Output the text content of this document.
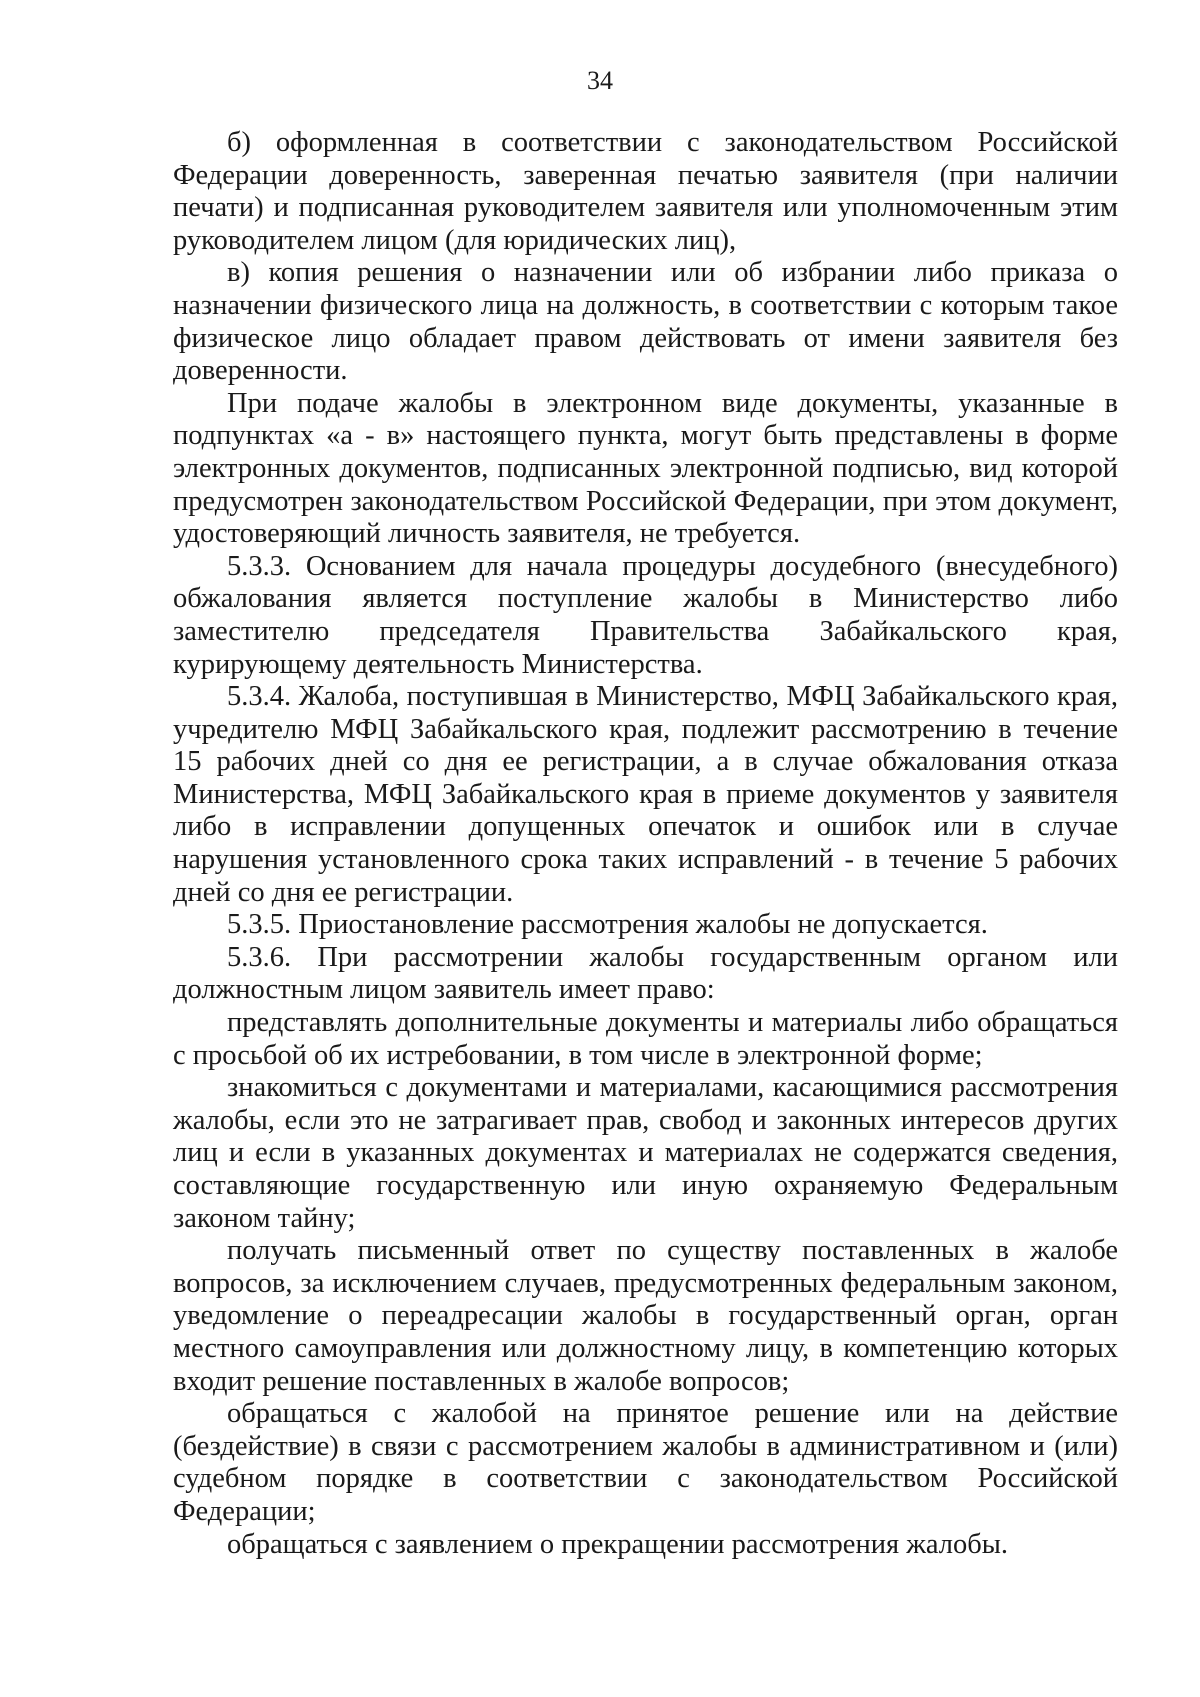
34

б) оформленная в соответствии с законодательством Российской Федерации доверенность, заверенная печатью заявителя (при наличии печати) и подписанная руководителем заявителя или уполномоченным этим руководителем лицом (для юридических лиц),

в) копия решения о назначении или об избрании либо приказа о назначении физического лица на должность, в соответствии с которым такое физическое лицо обладает правом действовать от имени заявителя без доверенности.

При подаче жалобы в электронном виде документы, указанные в подпунктах «а - в» настоящего пункта, могут быть представлены в форме электронных документов, подписанных электронной подписью, вид которой предусмотрен законодательством Российской Федерации, при этом документ, удостоверяющий личность заявителя, не требуется.

5.3.3. Основанием для начала процедуры досудебного (внесудебного) обжалования является поступление жалобы в Министерство либо заместителю председателя Правительства Забайкальского края, курирующему деятельность Министерства.

5.3.4. Жалоба, поступившая в Министерство, МФЦ Забайкальского края, учредителю МФЦ Забайкальского края, подлежит рассмотрению в течение 15 рабочих дней со дня ее регистрации, а в случае обжалования отказа Министерства, МФЦ Забайкальского края в приеме документов у заявителя либо в исправлении допущенных опечаток и ошибок или в случае нарушения установленного срока таких исправлений - в течение 5 рабочих дней со дня ее регистрации.

5.3.5. Приостановление рассмотрения жалобы не допускается.

5.3.6. При рассмотрении жалобы государственным органом или должностным лицом заявитель имеет право:

представлять дополнительные документы и материалы либо обращаться с просьбой об их истребовании, в том числе в электронной форме;

знакомиться с документами и материалами, касающимися рассмотрения жалобы, если это не затрагивает прав, свобод и законных интересов других лиц и если в указанных документах и материалах не содержатся сведения, составляющие государственную или иную охраняемую Федеральным законом тайну;

получать письменный ответ по существу поставленных в жалобе вопросов, за исключением случаев, предусмотренных федеральным законом, уведомление о переадресации жалобы в государственный орган, орган местного самоуправления или должностному лицу, в компетенцию которых входит решение поставленных в жалобе вопросов;

обращаться с жалобой на принятое решение или на действие (бездействие) в связи с рассмотрением жалобы в административном и (или) судебном порядке в соответствии с законодательством Российской Федерации;

обращаться с заявлением о прекращении рассмотрения жалобы.
